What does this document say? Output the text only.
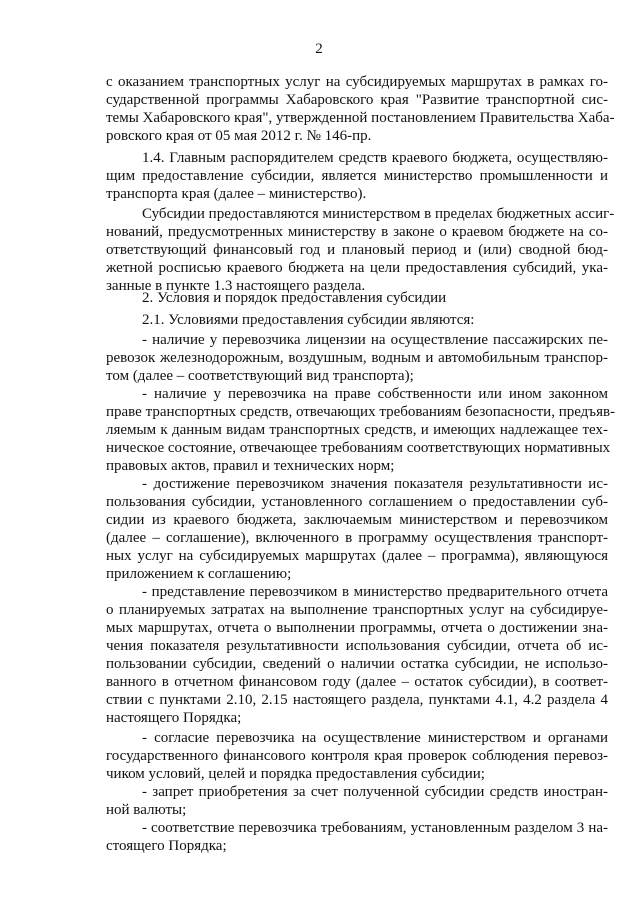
2
с оказанием транспортных услуг на субсидируемых маршрутах в рамках го-
сударственной программы Хабаровского края "Развитие транспортной сис-
темы Хабаровского края", утвержденной постановлением Правительства Хаба-
ровского края от 05 мая 2012 г. № 146-пр.
1.4. Главным распорядителем средств краевого бюджета, осуществляю-
щим предоставление субсидии, является министерство промышленности и
транспорта края (далее – министерство).
Субсидии предоставляются министерством в пределах бюджетных ассиг-
нований, предусмотренных министерству в законе о краевом бюджете на со-
ответствующий финансовый год и плановый период и (или) сводной бюд-
жетной росписью краевого бюджета на цели предоставления субсидий, ука-
занные в пункте 1.3 настоящего раздела.
2. Условия и порядок предоставления субсидии
2.1. Условиями предоставления субсидии являются:
- наличие у перевозчика лицензии на осуществление пассажирских пе-
ревозок железнодорожным, воздушным, водным и автомобильным транспор-
том (далее – соответствующий вид транспорта);
- наличие у перевозчика на праве собственности или ином законном
праве транспортных средств, отвечающих требованиям безопасности, предъяв-
ляемым к данным видам транспортных средств, и имеющих надлежащее тех-
ническое состояние, отвечающее требованиям соответствующих нормативных
правовых актов, правил и технических норм;
- достижение перевозчиком значения показателя результативности ис-
пользования субсидии, установленного соглашением о предоставлении суб-
сидии из краевого бюджета, заключаемым министерством и перевозчиком
(далее – соглашение), включенного в программу осуществления транспорт-
ных услуг на субсидируемых маршрутах (далее – программа), являющуюся
приложением к соглашению;
- представление перевозчиком в министерство предварительного отчета
о планируемых затратах на выполнение транспортных услуг на субсидируе-
мых маршрутах, отчета о выполнении программы, отчета о достижении зна-
чения показателя результативности использования субсидии, отчета об ис-
пользовании субсидии, сведений о наличии остатка субсидии, не использо-
ванного в отчетном финансовом году (далее – остаток субсидии), в соответ-
ствии с пунктами 2.10, 2.15 настоящего раздела, пунктами 4.1, 4.2 раздела 4
настоящего Порядка;
- согласие перевозчика на осуществление министерством и органами
государственного финансового контроля края проверок соблюдения перевоз-
чиком условий, целей и порядка предоставления субсидии;
- запрет приобретения за счет полученной субсидии средств иностран-
ной валюты;
- соответствие перевозчика требованиям, установленным разделом 3 на-
стоящего Порядка;
